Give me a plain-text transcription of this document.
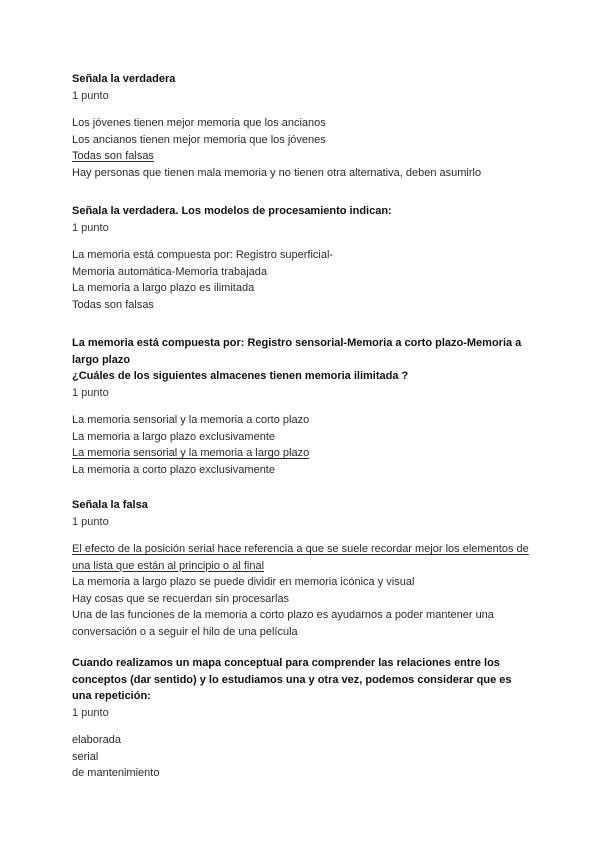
Señala la verdadera

1 punto

Los jóvenes tienen mejor memoria que los ancianos
Los ancianos tienen mejor memoria que los jóvenes
Todas son falsas
Hay personas que tienen mala memoria y no tienen otra alternativa, deben asumirlo

Señala la verdadera. Los modelos de procesamiento indican:

1 punto

La memoria está compuesta por: Registro superficial-Memoria automática-Memoria trabajada
La memoria a largo plazo es ilimitada
Todas son falsas

La memoria está compuesta por: Registro sensorial-Memoria a corto plazo-Memoria a largo plazo

¿Cuáles de los siguientes almacenes tienen memoria ilimitada ?

1 punto

La memoria sensorial y la memoria a corto plazo
La memoria a largo plazo exclusivamente
La memoria sensorial y la memoria a largo plazo
La memoria a corto plazo exclusivamente

Señala la falsa

1 punto

El efecto de la posición serial hace referencia a que se suele recordar mejor los elementos de una lista que están al principio o al final
La memoria a largo plazo se puede dividir en memoria icónica y visual
Hay cosas que se recuerdan sin procesarlas
Una de las funciones de la memoria a corto plazo es ayudarnos a poder mantener una conversación o a seguir el hilo de una película

Cuando realizamos un mapa conceptual para comprender las relaciones entre los conceptos (dar sentido) y lo estudiamos una y otra vez, podemos considerar que es una repetición:

1 punto

elaborada
serial
de mantenimiento
